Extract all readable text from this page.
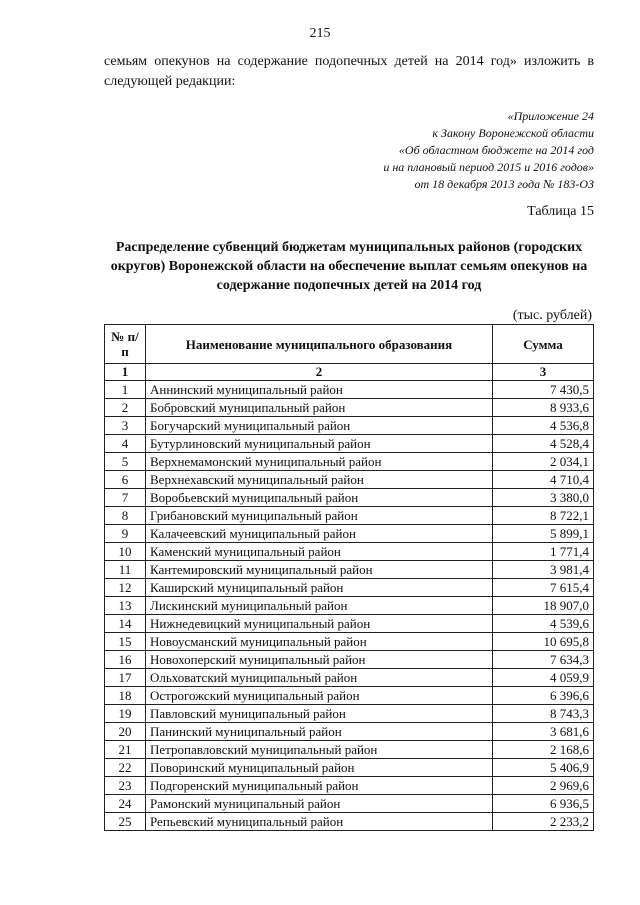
215
семьям опекунов на содержание подопечных детей на 2014 год» изложить в следующей редакции:
«Приложение 24
к Закону Воронежской области
«Об областном бюджете на 2014 год
и на плановый период 2015 и 2016 годов»
от 18 декабря 2013 года № 183-ОЗ
Таблица 15
Распределение субвенций бюджетам муниципальных районов (городских округов) Воронежской области на обеспечение выплат семьям опекунов на содержание подопечных детей на 2014 год
(тыс. рублей)
№ п/п	Наименование муниципального образования	Сумма
1	2	3
1	Аннинский муниципальный район	7 430,5
2	Бобровский муниципальный район	8 933,6
3	Богучарский муниципальный район	4 536,8
4	Бутурлиновский муниципальный район	4 528,4
5	Верхнемамонский муниципальный район	2 034,1
6	Верхнехавский муниципальный район	4 710,4
7	Воробьевский муниципальный район	3 380,0
8	Грибановский муниципальный район	8 722,1
9	Калачеевский муниципальный район	5 899,1
10	Каменский муниципальный район	1 771,4
11	Кантемировский муниципальный район	3 981,4
12	Каширский муниципальный район	7 615,4
13	Лискинский муниципальный район	18 907,0
14	Нижнедевицкий муниципальный район	4 539,6
15	Новоусманский муниципальный район	10 695,8
16	Новохоперский муниципальный район	7 634,3
17	Ольховатский муниципальный район	4 059,9
18	Острогожский муниципальный район	6 396,6
19	Павловский муниципальный район	8 743,3
20	Панинский муниципальный район	3 681,6
21	Петропавловский муниципальный район	2 168,6
22	Поворинский муниципальный район	5 406,9
23	Подгоренский муниципальный район	2 969,6
24	Рамонский муниципальный район	6 936,5
25	Репьевский муниципальный район	2 233,2
